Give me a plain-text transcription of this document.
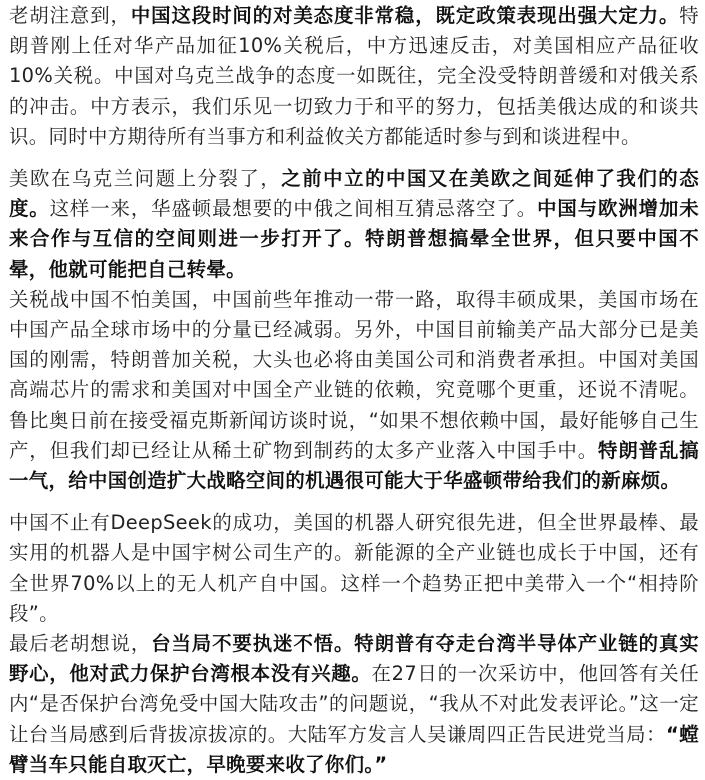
老胡注意到，中国这段时间的对美态度非常稳，既定政策表现出强大定力。特朗普刚上任对华产品加征10%关税后，中方迅速反击，对美国相应产品征收10%关税。中国对乌克兰战争的态度一如既往，完全没受特朗普缓和对俄关系的冲击。中方表示，我们乐见一切致力于和平的努力，包括美俄达成的和谈共识。同时中方期待所有当事方和利益攸关方都能适时参与到和谈进程中。

美欧在乌克兰问题上分裂了，之前中立的中国又在美欧之间延伸了我们的态度。这样一来，华盛顿最想要的中俄之间相互猜忌落空了。中国与欧洲增加未来合作与互信的空间则进一步打开了。特朗普想搞晕全世界，但只要中国不晕，他就可能把自己转晕。

关税战中国不怕美国，中国前些年推动一带一路，取得丰硕成果，美国市场在中国产品全球市场中的分量已经减弱。另外，中国目前输美产品大部分已是美国的刚需，特朗普加关税，大头也必将由美国公司和消费者承担。中国对美国高端芯片的需求和美国对中国全产业链的依赖，究竟哪个更重，还说不清呢。鲁比奥日前在接受福克斯新闻访谈时说，“如果不想依赖中国，最好能够自己生产，但我们却已经让从稀土矿物到制药的太多产业落入中国手中。特朗普乱搞一气，给中国创造扩大战略空间的机遇很可能大于华盛顿带给我们的新麻烦。

中国不止有DeepSeek的成功，美国的机器人研究很先进，但全世界最棒、最实用的机器人是中国宇树公司生产的。新能源的全产业链也成长于中国，还有全世界70%以上的无人机产自中国。这样一个趋势正把中美带入一个“相持阶段”。

最后老胡想说，台当局不要执迷不悟。特朗普有夺走台湾半导体产业链的真实野心，他对武力保护台湾根本没有兴趣。在27日的一次采访中，他回答有关任内“是否保护台湾免受中国大陆攻击”的问题说，“我从不对此发表评论。”这一定让台当局感到后背拔凉拔凉的。大陆军方发言人吴谦周四正告民进党当局：“螳臂当车只能自取灭亡，早晚要来收了你们。”
